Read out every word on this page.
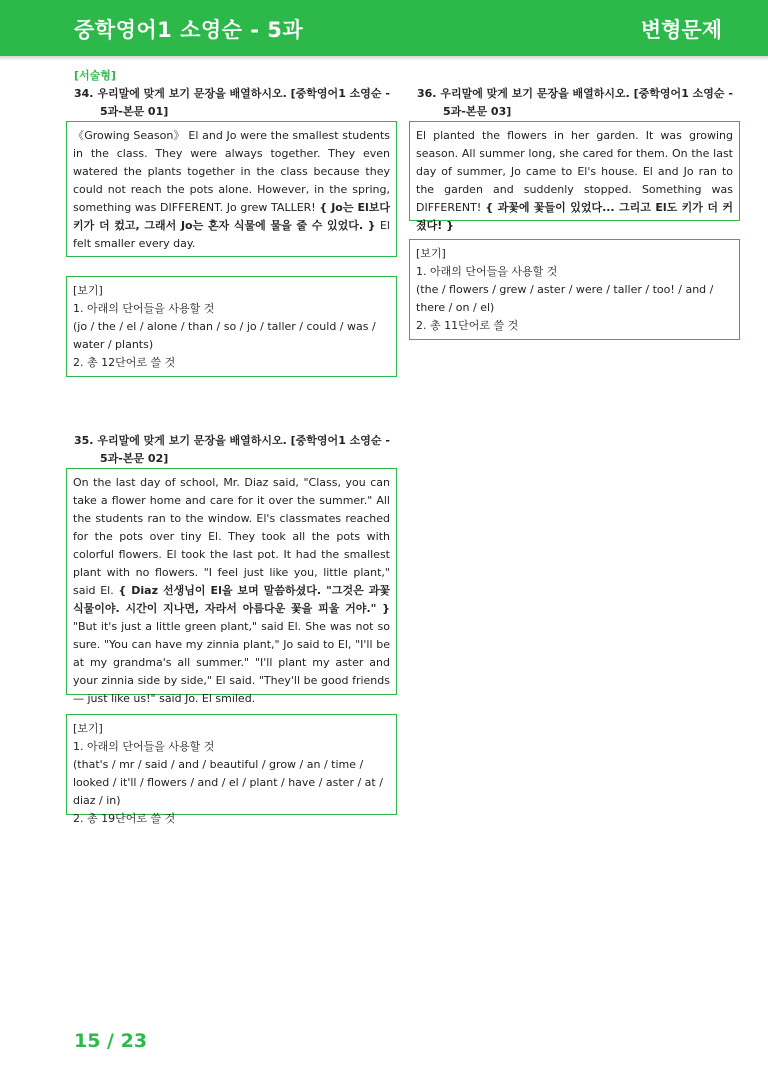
중학영어1 소영순 - 5과	변형문제
[서술형]
34. 우리말에 맞게 보기 문장을 배열하시오. [중학영어1 소영순 -
5과-본문 01]
《Growing Season》 El and Jo were the smallest students in the class. They were always together. They even watered the plants together in the class because they could not reach the pots alone. However, in the spring, something was DIFFERENT. Jo grew TALLER! { Jo는 El보다 키가 더 컸고, 그래서 Jo는 혼자 식물에 물을 줄 수 있었다. } El felt smaller every day.

[보기]

1. 아래의 단어들을 사용할 것

(jo / the / el / alone / than / so / jo / taller / could / was / water / plants)

2. 총 12단어로 쓸 것

35. 우리말에 맞게 보기 문장을 배열하시오. [중학영어1 소영순 -
5과-본문 02]
On the last day of school, Mr. Diaz said, "Class, you can take a flower home and care for it over the summer." All the students ran to the window. El's classmates reached for the pots over tiny El. They took all the pots with colorful flowers. El took the last pot. It had the smallest plant with no flowers. "I feel just like you, little plant," said El. { Diaz 선생님이 El을 보며 말씀하셨다. "그것은 과꽃 식물이야. 시간이 지나면, 자라서 아름다운 꽃을 피울 거야." } "But it's just a little green plant," said El. She was not so sure. "You can have my zinnia plant," Jo said to El, "I'll be at my grandma's all summer." "I'll plant my aster and your zinnia side by side," El said. "They'll be good friends — just like us!" said Jo. El smiled.

[보기]

1. 아래의 단어들을 사용할 것

(that's / mr / said / and / beautiful / grow / an / time / looked / it'll / flowers / and / el / plant / have / aster / at / diaz / in)

2. 총 19단어로 쓸 것

36. 우리말에 맞게 보기 문장을 배열하시오. [중학영어1 소영순 -
5과-본문 03]
El planted the flowers in her garden. It was growing season. All summer long, she cared for them. On the last day of summer, Jo came to El's house. El and Jo ran to the garden and suddenly stopped. Something was DIFFERENT! { 과꽃에 꽃들이 있었다... 그리고 El도 키가 더 커졌다! }

[보기]

1. 아래의 단어들을 사용할 것

(the / flowers / grew / aster / were / taller / too! / and / there / on / el)

2. 총 11단어로 쓸 것

15 / 23
